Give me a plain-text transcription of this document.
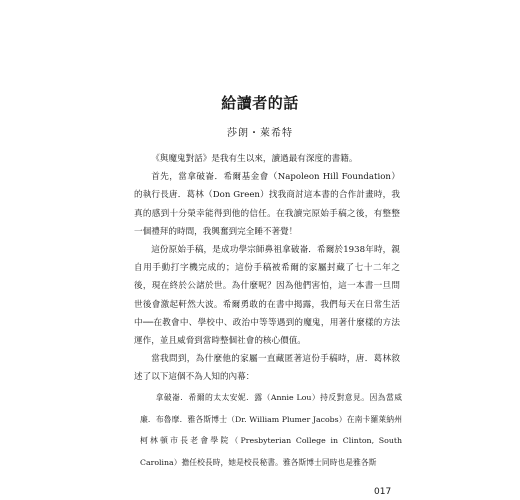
給讀者的話
莎朗・萊希特

《與魔鬼對話》是我有生以來，讀過最有深度的書籍。

首先，當拿破崙．希爾基金會（Napoleon Hill Foundation）的執行長唐．葛林（Don Green）找我商討這本書的合作計畫時，我真的感到十分榮幸能得到他的信任。在我讀完原始手稿之後，有整整一個禮拜的時間，我興奮到完全睡不著覺！

這份原始手稿，是成功學宗師鼻祖拿破崙．希爾於1938年時，親自用手動打字機完成的；這份手稿被希爾的家屬封藏了七十二年之後，現在終於公諸於世。為什麼呢？因為他們害怕，這一本書一旦問世後會激起軒然大波。希爾勇敢的在書中揭露，我們每天在日常生活中──在教會中、學校中、政治中等等遇到的魔鬼，用著什麼樣的方法運作，並且威脅到當時整個社會的核心價值。

當我問到，為什麼他的家屬一直藏匿著這份手稿時，唐．葛林敘述了以下這個不為人知的內幕：

拿破崙．希爾的太太安妮．露（Annie Lou）持反對意見。因為當威廉．布魯摩．雅各斯博士（Dr. William Plumer Jacobs）在南卡羅萊納州柯林頓市長老會學院（Presbyterian College in Clinton, South Carolina）擔任校長時，她是校長秘書。雅各斯博士同時也是雅各斯

017
